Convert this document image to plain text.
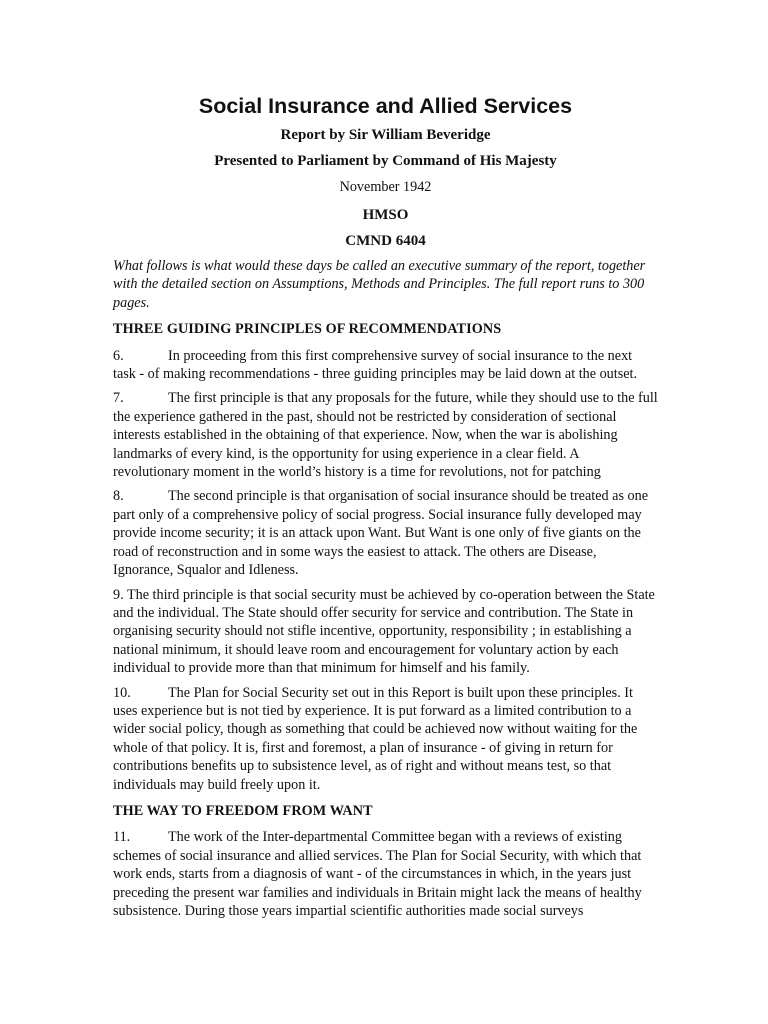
Social Insurance and Allied Services
Report by Sir William Beveridge
Presented to Parliament by Command of His Majesty
November 1942
HMSO
CMND 6404
What follows is what would these days be called an executive summary of the report, together with the detailed section on Assumptions, Methods and Principles. The full report runs to 300 pages.
THREE GUIDING PRINCIPLES OF RECOMMENDATIONS
6.	In proceeding from this first comprehensive survey of social insurance to the next task - of making recommendations - three guiding principles may be laid down at the outset.
7.	The first principle is that any proposals for the future, while they should use to the full the experience gathered in the past, should not be restricted by consideration of sectional interests established in the obtaining of that experience. Now, when the war is abolishing landmarks of every kind, is the opportunity for using experience in a clear field. A revolutionary moment in the world’s history is a time for revolutions, not for patching
8.	The second principle is that organisation of social insurance should be treated as one part only of a comprehensive policy of social progress. Social insurance fully developed may provide income security; it is an attack upon Want. But Want is one only of five giants on the road of reconstruction and in some ways the easiest to attack. The others are Disease, Ignorance, Squalor and Idleness.
9. The third principle is that social security must be achieved by co-operation between the State and the individual. The State should offer security for service and contribution. The State in organising security should not stifle incentive, opportunity, responsibility ; in establishing a national minimum, it should leave room and encouragement for voluntary action by each individual to provide more than that minimum for himself and his family.
10.	The Plan for Social Security set out in this Report is built upon these principles. It uses experience but is not tied by experience. It is put forward as a limited contribution to a wider social policy, though as something that could be achieved now without waiting for the whole of that policy. It is, first and foremost, a plan of insurance - of giving in return for contributions benefits up to subsistence level, as of right and without means test, so that individuals may build freely upon it.
THE WAY TO FREEDOM FROM WANT
11.	The work of the Inter-departmental Committee began with a reviews of existing schemes of social insurance and allied services. The Plan for Social Security, with which that work ends, starts from a diagnosis of want - of the circumstances in which, in the years just preceding the present war families and individuals in Britain might lack the means of healthy subsistence. During those years impartial scientific authorities made social surveys
